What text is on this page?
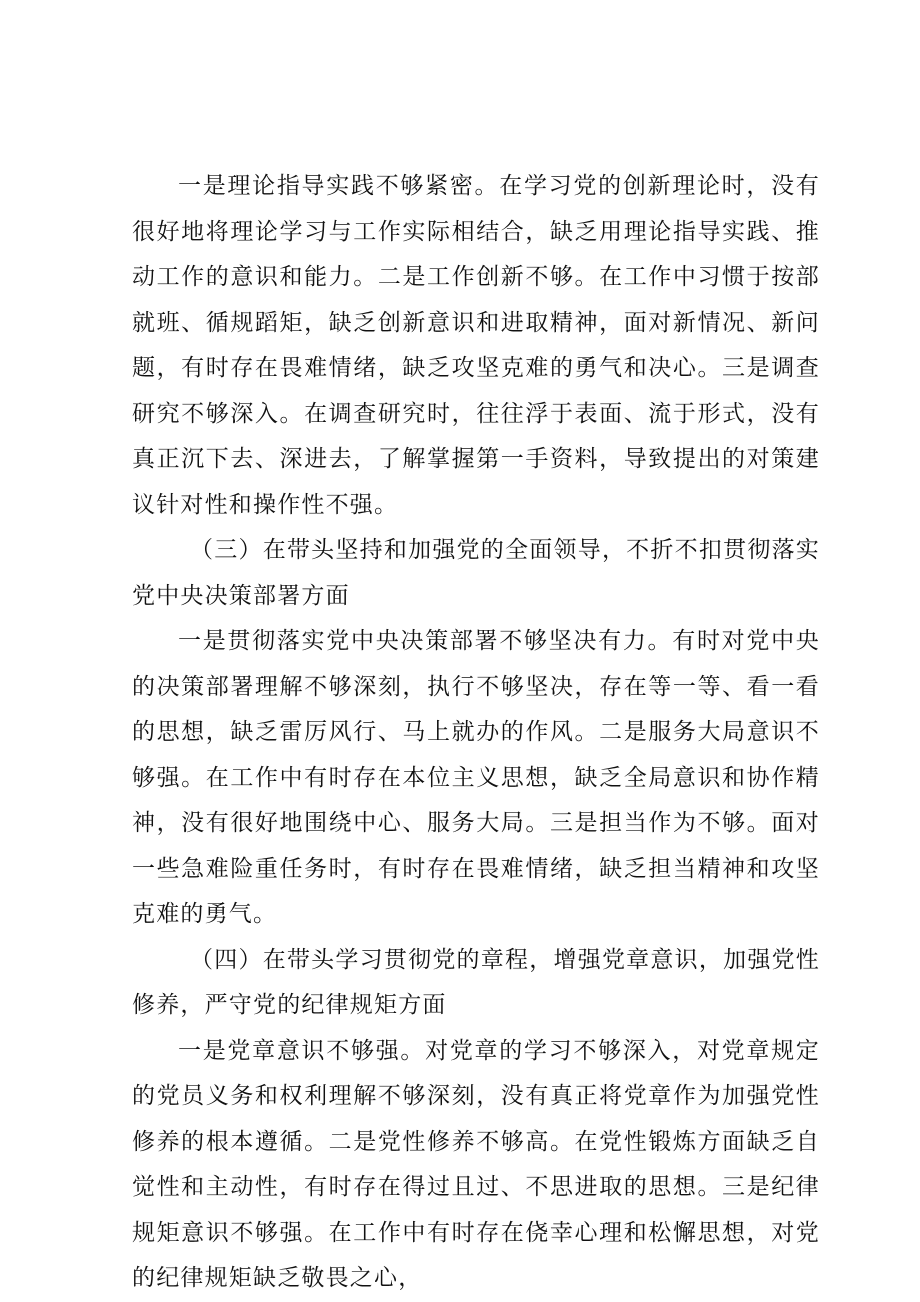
一是理论指导实践不够紧密。在学习党的创新理论时，没有很好地将理论学习与工作实际相结合，缺乏用理论指导实践、推动工作的意识和能力。二是工作创新不够。在工作中习惯于按部就班、循规蹈矩，缺乏创新意识和进取精神，面对新情况、新问题，有时存在畏难情绪，缺乏攻坚克难的勇气和决心。三是调查研究不够深入。在调查研究时，往往浮于表面、流于形式，没有真正沉下去、深进去，了解掌握第一手资料，导致提出的对策建议针对性和操作性不强。

（三）在带头坚持和加强党的全面领导，不折不扣贯彻落实党中央决策部署方面

一是贯彻落实党中央决策部署不够坚决有力。有时对党中央的决策部署理解不够深刻，执行不够坚决，存在等一等、看一看的思想，缺乏雷厉风行、马上就办的作风。二是服务大局意识不够强。在工作中有时存在本位主义思想，缺乏全局意识和协作精神，没有很好地围绕中心、服务大局。三是担当作为不够。面对一些急难险重任务时，有时存在畏难情绪，缺乏担当精神和攻坚克难的勇气。

（四）在带头学习贯彻党的章程，增强党章意识，加强党性修养，严守党的纪律规矩方面

一是党章意识不够强。对党章的学习不够深入，对党章规定的党员义务和权利理解不够深刻，没有真正将党章作为加强党性修养的根本遵循。二是党性修养不够高。在党性锻炼方面缺乏自觉性和主动性，有时存在得过且过、不思进取的思想。三是纪律规矩意识不够强。在工作中有时存在侥幸心理和松懈思想，对党的纪律规矩缺乏敬畏之心，
